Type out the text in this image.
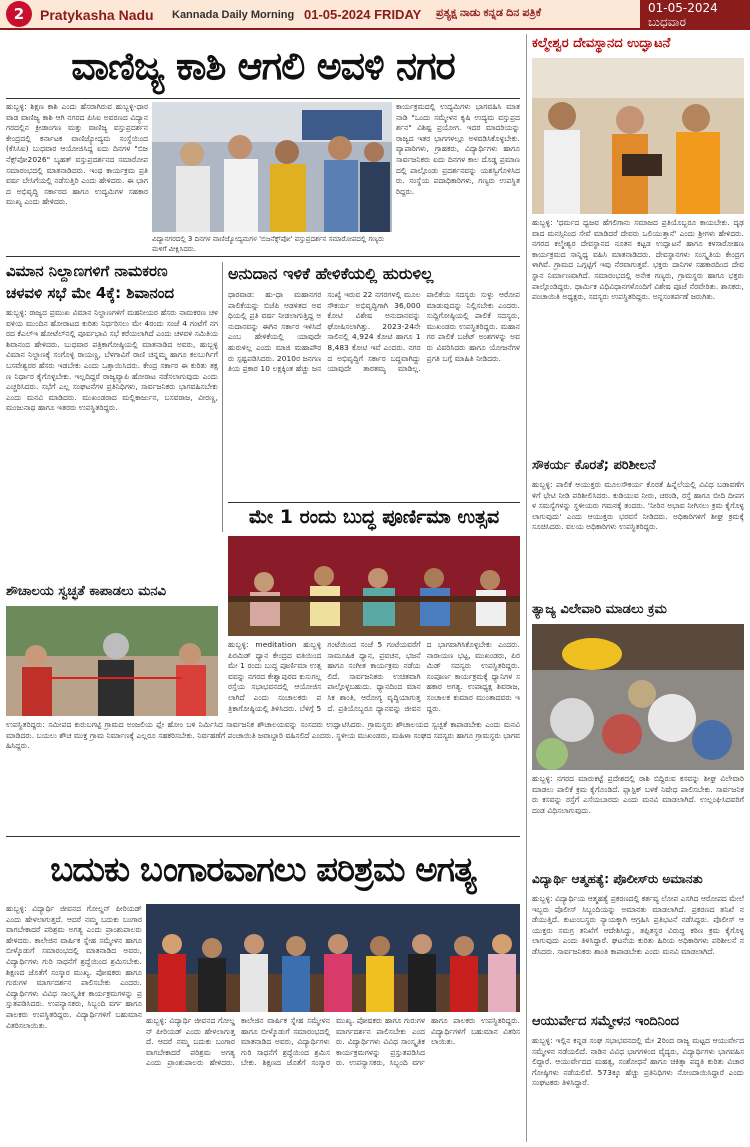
2	Pratykasha Nadu Kannada Daily Morning 01-05-2024 FRIDAY ಪ್ರತ್ಯಕ್ಷ ನಾಡು ಕನ್ನಡ ದಿನ ಪತ್ರಿಕೆ	01-05-2024 ಬುಧವಾರ
ವಾಣಿಜ್ಯ ಕಾಶಿ ಆಗಲಿ ಅವಳಿ ನಗರ
ಹುಬ್ಬಳ್ಳಿ: ಶಿಕ್ಷಣ ಕಾಶಿ ಎಂದು ಹೆಸರಾಗಿರುವ ಹುಬ್ಬಳ್ಳಿ-ಧಾರವಾಡ ವಾಣಿಜ್ಯ ಕಾಶಿ ಆಗಿ ನಗರದ ಪಿಸಿಐ ಅವರಣದ ವಿದ್ಯಾನಗರದಲ್ಲಿನ ಕ್ರೀಡಾಂಗಣ ಮತ್ತು ವಾಣಿಜ್ಯ ವಸ್ತುಪ್ರದರ್ಶನ ಕೇಂದ್ರದಲ್ಲಿ ಕರ್ನಾಟಕ ವಾಣಿಜ್ಯೋದ್ಯಮ ಸಂಸ್ಥೆಯಿಂದ (ಕೆಸಿಸಿಐ) ಬುಧವಾರ ಆಯೋಜಿಸಿದ್ದ ಐದು ದಿನಗಳ "ಬಿಜನೆಕ್ಸ್‌ಪೋ2026" ಬೃಹತ್ ವಸ್ತುಪ್ರದರ್ಶನದ ಸಮಾರೋಪ ಸಮಾರಂಭದಲ್ಲಿ ಮಾತನಾಡಿದರು. ಇಂಥ ಕಾರ್ಯಕ್ರಮ ಪ್ರತಿ ವರ್ಷ ಬೇಸಿಗೆಯಲ್ಲಿ ನಡೆಸುತ್ತಿರಿ ಎಂದು ಹೇಳಿದರು. ಈ ಭಾಗದ ಅಭಿವೃದ್ಧಿ ಸರ್ಕಾರದ ಹಾಗೂ ಉದ್ಯಮಿಗಳ ಸಹಕಾರ ಮುಖ್ಯ ಎಂದು ಹೇಳಿದರು.
ವಿದ್ಯಾನಗರದಲ್ಲಿ 3 ದಿನಗಳ ವಾಣಿಜ್ಯೋದ್ಯಮಗಳ 'ಬಿಜನೆಕ್ಸ್‌ಪೋ' ವಸ್ತುಪ್ರದರ್ಶನ ಸಮಾರೋಪದಲ್ಲಿ ಗಣ್ಯರು ಮಳಿಗೆ ವೀಕ್ಷಿಸಿದರು.
ಕಾರ್ಯಕ್ರಮದಲ್ಲಿ ಉದ್ಯಮಿಗಳು ಭಾಗವಹಿಸಿ ಮಾತನಾಡಿ "ಒಂದು ಸಮ್ಮೇಳನ ಕೃಷಿ ಉದ್ಯಮ ವಸ್ತುಪ್ರದರ್ಶನ" ವಿಶಿಷ್ಟ ಪ್ರಯೋಗ. ಇದರ ಮಾದರಿಯನ್ನು ರಾಜ್ಯದ ಇತರ ಭಾಗಗಳಲ್ಲೂ ಅಳವಡಿಸಿಕೊಳ್ಳಬೇಕು. ವ್ಯಾಪಾರಿಗಳು, ಗ್ರಾಹಕರು, ವಿದ್ಯಾರ್ಥಿಗಳು ಹಾಗೂ ಸಾರ್ವಜನಿಕರು ಐದು ದಿನಗಳ ಕಾಲ ದೊಡ್ಡ ಪ್ರಮಾಣದಲ್ಲಿ ಪಾಲ್ಗೊಂಡು ಪ್ರದರ್ಶನವನ್ನು ಯಶಸ್ವಿಗೊಳಿಸಿದರು. ಸಂಸ್ಥೆಯ ಪದಾಧಿಕಾರಿಗಳು, ಗಣ್ಯರು ಉಪಸ್ಥಿತರಿದ್ದರು.
ವಿಮಾನ ನಿಲ್ದಾಣಗಳಿಗೆ ನಾಮಕರಣ
ಚಳವಳಿ ಸಭೆ ಮೇ 4ಕ್ಕೆ: ಶಿವಾನಂದ
ಹುಬ್ಬಳ್ಳಿ: ರಾಜ್ಯದ ಪ್ರಮುಖ ವಿಮಾನ ನಿಲ್ದಾಣಗಳಿಗೆ ಮಹನೀಯರ ಹೆಸರು ನಾಮಕರಣ ಚಳವಳಿಯ ಮುಂದಿನ ಹೋರಾಟದ ಕುರಿತು ನಿರ್ಧರಿಸಲು ಮೇ 4ರಂದು ಸಂಜೆ 4 ಗಂಟೆಗೆ ನಗರದ ಕೆಎಲ್‌ಇ ಹೋಟೆಲ್‌ನಲ್ಲಿ ಪೂರ್ವಭಾವಿ ಸಭೆ ಕರೆಯಲಾಗಿದೆ ಎಂದು ಚಳವಳಿ ಸಮಿತಿಯ ಶಿವಾನಂದ ಹೇಳಿದರು. ಬುಧವಾರ ಪತ್ರಿಕಾಗೋಷ್ಠಿಯಲ್ಲಿ ಮಾತನಾಡಿದ ಅವರು, ಹುಬ್ಬಳ್ಳಿ ವಿಮಾನ ನಿಲ್ದಾಣಕ್ಕೆ ಸಂಗೊಳ್ಳಿ ರಾಯಣ್ಣ, ಬೆಳಗಾವಿಗೆ ರಾಣಿ ಚನ್ನಮ್ಮ ಹಾಗೂ ಕಲಬುರ್ಗಿಗೆ ಬಸವೇಶ್ವರರ ಹೆಸರು ಇಡಬೇಕು ಎಂದು ಒತ್ತಾಯಿಸಿದರು. ಕೇಂದ್ರ ಸರ್ಕಾರ ಈ ಕುರಿತು ತಕ್ಷಣ ನಿರ್ಧಾರ ಕೈಗೊಳ್ಳಬೇಕು. ಇಲ್ಲದಿದ್ದರೆ ರಾಜ್ಯವ್ಯಾಪಿ ಹೋರಾಟ ನಡೆಸಲಾಗುವುದು ಎಂದು ಎಚ್ಚರಿಸಿದರು. ಸಭೆಗೆ ಎಲ್ಲ ಸಂಘಟನೆಗಳ ಪ್ರತಿನಿಧಿಗಳು, ಸಾರ್ವಜನಿಕರು ಭಾಗವಹಿಸಬೇಕು ಎಂದು ಮನವಿ ಮಾಡಿದರು. ಮುಖಂಡರಾದ ಮಲ್ಲಿಕಾರ್ಜುನ, ಬಸವರಾಜ, ವೀರಣ್ಣ, ಮಂಜುನಾಥ ಹಾಗೂ ಇತರರು ಉಪಸ್ಥಿತರಿದ್ದರು.
ಅನುದಾನ ಇಳಿಕೆ ಹೇಳಿಕೆಯಲ್ಲಿ ಹುರುಳಿಲ್ಲ
ಧಾರವಾಡ: ಹು-ಧಾ ಮಹಾನಗರ ಪಾಲಿಕೆಯನ್ನು ಬಿಜೆಪಿ ಆಡಳಿತದ ಅವಧಿಯಲ್ಲಿ ಪ್ರತಿ ವರ್ಷ ನೀಡಲಾಗುತ್ತಿದ್ದ ಅನುದಾನವನ್ನು ಈಗಿನ ಸರ್ಕಾರ ಇಳಿಸಿದೆ ಎಂಬ ಹೇಳಿಕೆಯಲ್ಲಿ ಯಾವುದೇ ಹುರುಳಿಲ್ಲ ಎಂದು ಮಾಜಿ ಮಹಾಪೌರರು ಸ್ಪಷ್ಟಪಡಿಸಿದರು. 2010ರ ಜನಗಣತಿಯ ಪ್ರಕಾರ 10 ಲಕ್ಷಕ್ಕಿಂತ ಹೆಚ್ಚು ಜನಸಂಖ್ಯೆ ಇರುವ 22 ನಗರಗಳಲ್ಲಿ ಮೂಲಸೌಕರ್ಯ ಅಭಿವೃದ್ಧಿಗಾಗಿ 36,000 ಕೋಟಿ ವಿಶೇಷ ಅನುದಾನವನ್ನು ಘೋಷಿಸಲಾಗಿತ್ತು. 2023-24ನೇ ಸಾಲಿನಲ್ಲಿ 4,924 ಕೋಟಿ ಹಾಗೂ 18,483 ಕೋಟಿ ಇವೆ ಎಂದರು. ನಗರದ ಅಭಿವೃದ್ಧಿಗೆ ಸರ್ಕಾರ ಬದ್ಧವಾಗಿದ್ದು ಯಾವುದೇ ತಾರತಮ್ಯ ಮಾಡಿಲ್ಲ. ಪಾಲಿಕೆಯ ಸದಸ್ಯರು ಸುಳ್ಳು ಆರೋಪ ಮಾಡುವುದನ್ನು ನಿಲ್ಲಿಸಬೇಕು ಎಂದರು. ಸುದ್ದಿಗೋಷ್ಠಿಯಲ್ಲಿ ಪಾಲಿಕೆ ಸದಸ್ಯರು, ಮುಖಂಡರು ಉಪಸ್ಥಿತರಿದ್ದರು. ಮಹಾನಗರ ಪಾಲಿಕೆ ಬಜೆಟ್ ಅಂಶಗಳನ್ನು ಅವರು ವಿವರಿಸಿದರು ಹಾಗೂ ಯೋಜನೆಗಳ ಪ್ರಗತಿ ಬಗ್ಗೆ ಮಾಹಿತಿ ನೀಡಿದರು.
ಮೇ 1 ರಂದು ಬುದ್ಧ ಪೂರ್ಣಿಮಾ ಉತ್ಸವ
ಹುಬ್ಬಳ್ಳಿ: meditation ಹುಬ್ಬಳ್ಳಿ ಪಿರಮಿಡ್ ಧ್ಯಾನ ಕೇಂದ್ರದ ವತಿಯಿಂದ ಮೇ 1 ರಂದು ಬುದ್ಧ ಪೂರ್ಣಿಮಾ ಉತ್ಸವವನ್ನು ನಗರದ ಕೇಶ್ವಾಪುರದ ಕುಸುಗಲ್ಲ ರಸ್ತೆಯ ಸಭಾಭವನದಲ್ಲಿ ಆಯೋಜಿಸಲಾಗಿದೆ ಎಂದು ಸಂಚಾಲಕರು ಪತ್ರಿಕಾಗೋಷ್ಠಿಯಲ್ಲಿ ತಿಳಿಸಿದರು. ಬೆಳಿಗ್ಗೆ 5 ಗಂಟೆಯಿಂದ ಸಂಜೆ 5 ಗಂಟೆಯವರೆಗೆ ಸಾಮೂಹಿಕ ಧ್ಯಾನ, ಪ್ರವಚನ, ಭಜನೆ ಹಾಗೂ ಸಂಗೀತ ಕಾರ್ಯಕ್ರಮ ನಡೆಯಲಿದೆ. ಸಾರ್ವಜನಿಕರು ಉಚಿತವಾಗಿ ಪಾಲ್ಗೊಳ್ಳಬಹುದು. ಧ್ಯಾನದಿಂದ ಮಾನಸಿಕ ಶಾಂತಿ, ಆರೋಗ್ಯ ವೃದ್ಧಿಯಾಗುತ್ತದೆ. ಪ್ರತಿಯೊಬ್ಬರೂ ಧ್ಯಾನವನ್ನು ಜೀವನದ ಭಾಗವಾಗಿಸಿಕೊಳ್ಳಬೇಕು ಎಂದರು. ನಾರಾಯಣ ಭಟ್ಟ, ಮುಖಂಡರು, ಪಿರಮಿಡ್ ಸದಸ್ಯರು ಉಪಸ್ಥಿತರಿದ್ದರು. ಸಂಪೂರ್ಣ ಕಾರ್ಯಕ್ರಮಕ್ಕೆ ಧ್ಯಾನಿಗಳ ಸಹಕಾರ ಅಗತ್ಯ. ಉಪಾಧ್ಯಕ್ಷ ಶಿವರಾಜ, ಸಂಚಾಲಕ ಕುಮಾರ ಮುಂತಾದವರು ಇದ್ದರು.
ಶೌಚಾಲಯ ಸ್ವಚ್ಛತೆ ಕಾಪಾಡಲು ಮನವಿ
ಉಪಸ್ಥಿತರಿದ್ದರು: ಸಮೀಪದ ಕುರುಬಗಟ್ಟಿ ಗ್ರಾಮದ ಅಂಜಲಿಯ ಪ್ಲೇ ಹೋಂ ಬಳಿ ನಿರ್ಮಿಸಿದ ಸಾರ್ವಜನಿಕ ಶೌಚಾಲಯವನ್ನು ಸಂಸದರು ಉದ್ಘಾಟಿಸಿದರು. ಗ್ರಾಮಸ್ಥರು ಶೌಚಾಲಯದ ಸ್ವಚ್ಛತೆ ಕಾಪಾಡಬೇಕು ಎಂದು ಮನವಿ ಮಾಡಿದರು. ಬಯಲು ಶೌಚ ಮುಕ್ತ ಗ್ರಾಮ ನಿರ್ಮಾಣಕ್ಕೆ ಎಲ್ಲರೂ ಸಹಕರಿಸಬೇಕು. ನಿರ್ವಹಣೆಗೆ ಪಂಚಾಯಿತಿ ಜವಾಬ್ದಾರಿ ವಹಿಸಲಿದೆ ಎಂದರು. ಸ್ಥಳೀಯ ಮುಖಂಡರು, ಮಹಿಳಾ ಸಂಘದ ಸದಸ್ಯರು ಹಾಗೂ ಗ್ರಾಮಸ್ಥರು ಭಾಗವಹಿಸಿದ್ದರು.
ಬದುಕು ಬಂಗಾರವಾಗಲು ಪರಿಶ್ರಮ ಅಗತ್ಯ
ಹುಬ್ಬಳ್ಳಿ: ವಿದ್ಯಾರ್ಥಿ ಜೀವನದ ಗೋಲ್ಡನ್ ಪೀರಿಯಡ್ ಎಂದು ಹೇಳಲಾಗುತ್ತದೆ. ಆದರೆ ನಮ್ಮ ಬದುಕು ಬಂಗಾರವಾಗಬೇಕಾದರೆ ಪರಿಶ್ರಮ ಅಗತ್ಯ ಎಂದು ಪ್ರಾಂಶುಪಾಲರು ಹೇಳಿದರು. ಕಾಲೇಜಿನ ವಾರ್ಷಿಕ ಸ್ನೇಹ ಸಮ್ಮೇಳನ ಹಾಗೂ ಬೀಳ್ಕೊಡುಗೆ ಸಮಾರಂಭದಲ್ಲಿ ಮಾತನಾಡಿದ ಅವರು, ವಿದ್ಯಾರ್ಥಿಗಳು ಗುರಿ ಸಾಧನೆಗೆ ಶ್ರದ್ಧೆಯಿಂದ ಶ್ರಮಿಸಬೇಕು. ಶಿಕ್ಷಣದ ಜೊತೆಗೆ ಸಂಸ್ಕಾರ ಮುಖ್ಯ. ಪೋಷಕರು ಹಾಗೂ ಗುರುಗಳ ಮಾರ್ಗದರ್ಶನ ಪಾಲಿಸಬೇಕು ಎಂದರು. ವಿದ್ಯಾರ್ಥಿಗಳು ವಿವಿಧ ಸಾಂಸ್ಕೃತಿಕ ಕಾರ್ಯಕ್ರಮಗಳನ್ನು ಪ್ರಸ್ತುತಪಡಿಸಿದರು. ಉಪನ್ಯಾಸಕರು, ಸಿಬ್ಬಂದಿ ವರ್ಗ ಹಾಗೂ ಪಾಲಕರು ಉಪಸ್ಥಿತರಿದ್ದರು. ವಿದ್ಯಾರ್ಥಿಗಳಿಗೆ ಬಹುಮಾನ ವಿತರಿಸಲಾಯಿತು.
ಹುಬ್ಬಳ್ಳಿ: ವಿದ್ಯಾರ್ಥಿ ಜೀವನದ ಗೋಲ್ಡನ್ ಪೀರಿಯಡ್ ಎಂದು ಹೇಳಲಾಗುತ್ತದೆ. ಆದರೆ ನಮ್ಮ ಬದುಕು ಬಂಗಾರವಾಗಬೇಕಾದರೆ ಪರಿಶ್ರಮ ಅಗತ್ಯ ಎಂದು ಪ್ರಾಂಶುಪಾಲರು ಹೇಳಿದರು. ಕಾಲೇಜಿನ ವಾರ್ಷಿಕ ಸ್ನೇಹ ಸಮ್ಮೇಳನ ಹಾಗೂ ಬೀಳ್ಕೊಡುಗೆ ಸಮಾರಂಭದಲ್ಲಿ ಮಾತನಾಡಿದ ಅವರು, ವಿದ್ಯಾರ್ಥಿಗಳು ಗುರಿ ಸಾಧನೆಗೆ ಶ್ರದ್ಧೆಯಿಂದ ಶ್ರಮಿಸಬೇಕು. ಶಿಕ್ಷಣದ ಜೊತೆಗೆ ಸಂಸ್ಕಾರ ಮುಖ್ಯ. ಪೋಷಕರು ಹಾಗೂ ಗುರುಗಳ ಮಾರ್ಗದರ್ಶನ ಪಾಲಿಸಬೇಕು ಎಂದರು. ವಿದ್ಯಾರ್ಥಿಗಳು ವಿವಿಧ ಸಾಂಸ್ಕೃತಿಕ ಕಾರ್ಯಕ್ರಮಗಳನ್ನು ಪ್ರಸ್ತುತಪಡಿಸಿದರು. ಉಪನ್ಯಾಸಕರು, ಸಿಬ್ಬಂದಿ ವರ್ಗ ಹಾಗೂ ಪಾಲಕರು ಉಪಸ್ಥಿತರಿದ್ದರು. ವಿದ್ಯಾರ್ಥಿಗಳಿಗೆ ಬಹುಮಾನ ವಿತರಿಸಲಾಯಿತು.
ಕಲ್ಮೇಶ್ವರ ದೇವಸ್ಥಾನದ ಉದ್ಘಾಟನೆ
ಹುಬ್ಬಳ್ಳಿ: 'ಧರ್ಮದ ಧ್ವಜವ ಹೆಗಲಿಗಾನು ಸಮಾಜದ ಪ್ರತಿಯೊಬ್ಬರೂ ಕಾಯಬೇಕು. ದೃಢವಾದ ಮನಸ್ಸಿನಿಂದ ಸೇವೆ ಮಾಡಿದರೆ ದೇವರು ಒಲಿಯುತ್ತಾನೆ' ಎಂದು ಶ್ರೀಗಳು ಹೇಳಿದರು. ನಗರದ ಕಲ್ಮೇಶ್ವರ ದೇವಸ್ಥಾನದ ನೂತನ ಕಟ್ಟಡ ಉದ್ಘಾಟನೆ ಹಾಗೂ ಕಳಸಾರೋಹಣ ಕಾರ್ಯಕ್ರಮದ ಸಾನ್ನಿಧ್ಯ ವಹಿಸಿ ಮಾತನಾಡಿದರು. ದೇವಸ್ಥಾನಗಳು ಸಂಸ್ಕೃತಿಯ ಕೇಂದ್ರಗಳಾಗಿವೆ. ಗ್ರಾಮದ ಒಗ್ಗಟ್ಟಿಗೆ ಇವು ನೆರವಾಗುತ್ತವೆ. ಭಕ್ತರು ದಾನಿಗಳ ಸಹಕಾರದಿಂದ ದೇವಸ್ಥಾನ ನಿರ್ಮಾಣವಾಗಿದೆ. ಸಮಾರಂಭದಲ್ಲಿ ಅನೇಕ ಗಣ್ಯರು, ಗ್ರಾಮಸ್ಥರು ಹಾಗೂ ಭಕ್ತರು ಪಾಲ್ಗೊಂಡಿದ್ದರು. ಧಾರ್ಮಿಕ ವಿಧಿವಿಧಾನಗಳೊಂದಿಗೆ ವಿಶೇಷ ಪೂಜೆ ನೆರವೇರಿತು. ಶಾಸಕರು, ಪಂಚಾಯಿತಿ ಅಧ್ಯಕ್ಷರು, ಸದಸ್ಯರು ಉಪಸ್ಥಿತರಿದ್ದರು. ಅನ್ನಸಂತರ್ಪಣೆ ಜರುಗಿತು.
ಸೌಕರ್ಯ ಕೊರತೆ; ಪರಿಶೀಲನೆ
ಹುಬ್ಬಳ್ಳಿ: ಪಾಲಿಕೆ ಆಯುಕ್ತರು ಮೂಲಸೌಕರ್ಯ ಕೊರತೆ ಹಿನ್ನೆಲೆಯಲ್ಲಿ ವಿವಿಧ ಬಡಾವಣೆಗಳಿಗೆ ಭೇಟಿ ನೀಡಿ ಪರಿಶೀಲಿಸಿದರು. ಕುಡಿಯುವ ನೀರು, ಚರಂಡಿ, ರಸ್ತೆ ಹಾಗೂ ಬೀದಿ ದೀಪಗಳ ಸಮಸ್ಯೆಗಳನ್ನು ಸ್ಥಳೀಯರು ಗಮನಕ್ಕೆ ತಂದರು. 'ನೀರಿನ ಅಭಾವ ನೀಗಿಸಲು ಕ್ರಮ ಕೈಗೊಳ್ಳಲಾಗುವುದು' ಎಂದು ಆಯುಕ್ತರು ಭರವಸೆ ನೀಡಿದರು. ಅಧಿಕಾರಿಗಳಿಗೆ ಶೀಘ್ರ ಕ್ರಮಕ್ಕೆ ಸೂಚಿಸಿದರು. ವಲಯ ಅಧಿಕಾರಿಗಳು ಉಪಸ್ಥಿತರಿದ್ದರು.
ತ್ಯಾಜ್ಯ ವಿಲೇವಾರಿ ಮಾಡಲು ಕ್ರಮ
ಹುಬ್ಬಳ್ಳಿ: ನಗರದ ಮಾರುಕಟ್ಟೆ ಪ್ರದೇಶದಲ್ಲಿ ರಾಶಿ ಬಿದ್ದಿರುವ ಕಸವನ್ನು ಶೀಘ್ರ ವಿಲೇವಾರಿ ಮಾಡಲು ಪಾಲಿಕೆ ಕ್ರಮ ಕೈಗೊಂಡಿದೆ. ಪ್ಲಾಸ್ಟಿಕ್ ಬಳಕೆ ನಿಷೇಧ ಪಾಲಿಸಬೇಕು. ಸಾರ್ವಜನಿಕರು ಕಸವನ್ನು ರಸ್ತೆಗೆ ಎಸೆಯಬಾರದು ಎಂದು ಮನವಿ ಮಾಡಲಾಗಿದೆ. ಉಲ್ಲಂಘಿಸಿದವರಿಗೆ ದಂಡ ವಿಧಿಸಲಾಗುವುದು.
ವಿದ್ಯಾರ್ಥಿ ಆತ್ಮಹತ್ಯೆ: ಪೊಲೀಸ್‌ರು ಅಮಾನತು
ಹುಬ್ಬಳ್ಳಿ: ವಿದ್ಯಾರ್ಥಿಯ ಆತ್ಮಹತ್ಯೆ ಪ್ರಕರಣದಲ್ಲಿ ಕರ್ತವ್ಯ ಲೋಪ ಎಸಗಿದ ಆರೋಪದ ಮೇಲೆ ಇಬ್ಬರು ಪೊಲೀಸ್ ಸಿಬ್ಬಂದಿಯನ್ನು ಅಮಾನತು ಮಾಡಲಾಗಿದೆ. ಪ್ರಕರಣದ ತನಿಖೆ ನಡೆಯುತ್ತಿದೆ. ಕುಟುಂಬಸ್ಥರು ನ್ಯಾಯಕ್ಕಾಗಿ ಆಗ್ರಹಿಸಿ ಪ್ರತಿಭಟನೆ ನಡೆಸಿದ್ದರು. ಪೊಲೀಸ್ ಆಯುಕ್ತರು ಸಮಗ್ರ ತನಿಖೆಗೆ ಆದೇಶಿಸಿದ್ದು, ತಪ್ಪಿತಸ್ಥರ ವಿರುದ್ಧ ಕಠಿಣ ಕ್ರಮ ಕೈಗೊಳ್ಳಲಾಗುವುದು ಎಂದು ತಿಳಿಸಿದ್ದಾರೆ. ಘಟನೆಯ ಕುರಿತು ಹಿರಿಯ ಅಧಿಕಾರಿಗಳು ಪರಿಶೀಲನೆ ನಡೆಸಿದರು. ಸಾರ್ವಜನಿಕರು ಶಾಂತಿ ಕಾಪಾಡಬೇಕು ಎಂದು ಮನವಿ ಮಾಡಲಾಗಿದೆ.
ಆಯುರ್ವೇದ ಸಮ್ಮೇಳನ ಇಂದಿನಿಂದ
ಹುಬ್ಬಳ್ಳಿ: ಇಲ್ಲಿನ ಕನ್ನಡ ಸಂಘ ಸಭಾಭವನದಲ್ಲಿ ಮೇ 2ರಿಂದ ರಾಜ್ಯ ಮಟ್ಟದ ಆಯುರ್ವೇದ ಸಮ್ಮೇಳನ ನಡೆಯಲಿದೆ. ನಾಡಿನ ವಿವಿಧ ಭಾಗಗಳಿಂದ ವೈದ್ಯರು, ವಿದ್ಯಾರ್ಥಿಗಳು ಭಾಗವಹಿಸಲಿದ್ದಾರೆ. ಆಯುರ್ವೇದದ ಮಹತ್ವ, ಸಂಶೋಧನೆ ಹಾಗೂ ಚಿಕಿತ್ಸಾ ಪದ್ಧತಿ ಕುರಿತು ವಿಚಾರಗೋಷ್ಠಿಗಳು ನಡೆಯಲಿವೆ. 573ಕ್ಕೂ ಹೆಚ್ಚು ಪ್ರತಿನಿಧಿಗಳು ನೋಂದಾಯಿಸಿದ್ದಾರೆ ಎಂದು ಸಂಘಟಕರು ತಿಳಿಸಿದ್ದಾರೆ.
